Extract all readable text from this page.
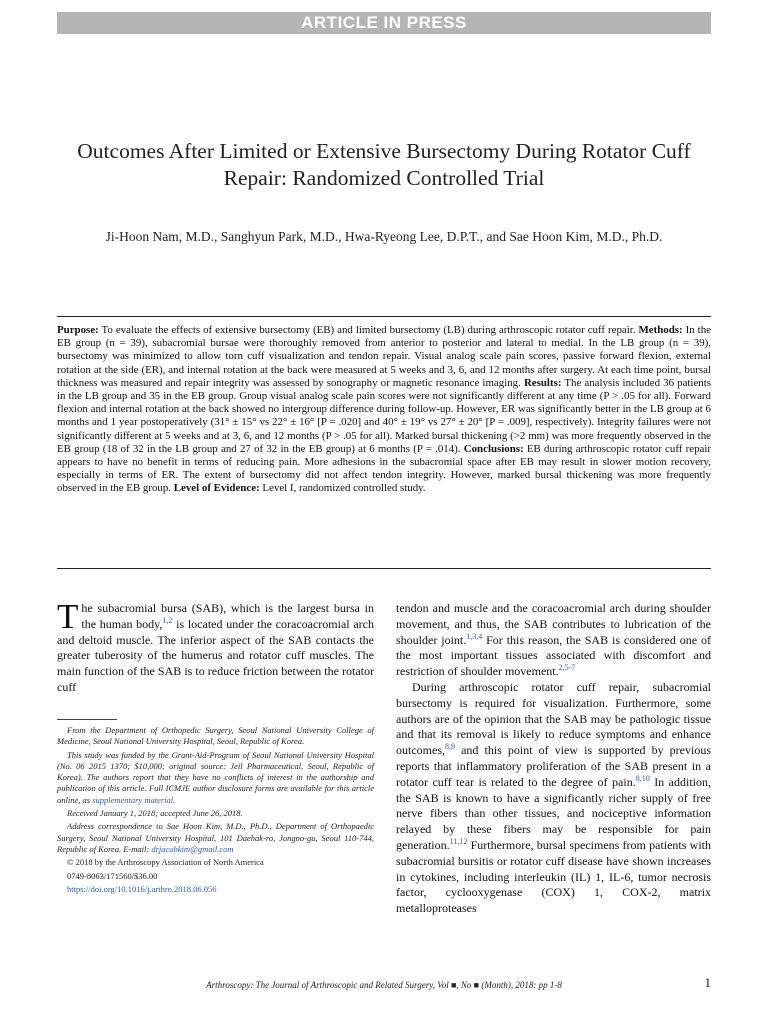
ARTICLE IN PRESS
Outcomes After Limited or Extensive Bursectomy During Rotator Cuff Repair: Randomized Controlled Trial
Ji-Hoon Nam, M.D., Sanghyun Park, M.D., Hwa-Ryeong Lee, D.P.T., and Sae Hoon Kim, M.D., Ph.D.
Purpose: To evaluate the effects of extensive bursectomy (EB) and limited bursectomy (LB) during arthroscopic rotator cuff repair. Methods: In the EB group (n = 39), subacromial bursae were thoroughly removed from anterior to posterior and lateral to medial. In the LB group (n = 39), bursectomy was minimized to allow torn cuff visualization and tendon repair. Visual analog scale pain scores, passive forward flexion, external rotation at the side (ER), and internal rotation at the back were measured at 5 weeks and 3, 6, and 12 months after surgery. At each time point, bursal thickness was measured and repair integrity was assessed by sonography or magnetic resonance imaging. Results: The analysis included 36 patients in the LB group and 35 in the EB group. Group visual analog scale pain scores were not significantly different at any time (P > .05 for all). Forward flexion and internal rotation at the back showed no intergroup difference during follow-up. However, ER was significantly better in the LB group at 6 months and 1 year postoperatively (31° ± 15° vs 22° ± 16° [P = .020] and 40° ± 19° vs 27° ± 20° [P = .009], respectively). Integrity failures were not significantly different at 5 weeks and at 3, 6, and 12 months (P > .05 for all). Marked bursal thickening (>2 mm) was more frequently observed in the EB group (18 of 32 in the LB group and 27 of 32 in the EB group) at 6 months (P = .014). Conclusions: EB during arthroscopic rotator cuff repair appears to have no benefit in terms of reducing pain. More adhesions in the subacromial space after EB may result in slower motion recovery, especially in terms of ER. The extent of bursectomy did not affect tendon integrity. However, marked bursal thickening was more frequently observed in the EB group. Level of Evidence: Level I, randomized controlled study.

The subacromial bursa (SAB), which is the largest bursa in the human body,$^{1,2}$ is located under the coracoacromial arch and deltoid muscle. The inferior aspect of the SAB contacts the greater tuberosity of the humerus and rotator cuff muscles. The main function of the SAB is to reduce friction between the rotator cuff

From the Department of Orthopedic Surgery, Seoul National University College of Medicine, Seoul National University Hospital, Seoul, Republic of Korea.

This study was funded by the Grant-Aid-Program of Seoul National University Hospital (No. 06 2015 1370; $10,000; original source: Jeil Pharmaceutical, Seoul, Republic of Korea). The authors report that they have no conflicts of interest in the authorship and publication of this article. Full ICMJE author disclosure forms are available for this article online, as supplementary material.

Received January 1, 2018; accepted June 26, 2018.

Address correspondence to Sae Hoon Kim, M.D., Ph.D., Department of Orthopaedic Surgery, Seoul National University Hospital, 101 Daehak-ro, Jongno-gu, Seoul 110-744, Republic of Korea. E-mail: drjacobkim@gmail.com

© 2018 by the Arthroscopy Association of North America

0749-8063/171560/$36.00

https://doi.org/10.1016/j.arthro.2018.06.056

tendon and muscle and the coracoacromial arch during shoulder movement, and thus, the SAB contributes to lubrication of the shoulder joint.$^{1,3,4}$ For this reason, the SAB is considered one of the most important tissues associated with discomfort and restriction of shoulder movement.$^{2,5-7}$

During arthroscopic rotator cuff repair, subacromial bursectomy is required for visualization. Furthermore, some authors are of the opinion that the SAB may be pathologic tissue and that its removal is likely to reduce symptoms and enhance outcomes,$^{8,9}$ and this point of view is supported by previous reports that inflammatory proliferation of the SAB present in a rotator cuff tear is related to the degree of pain.$^{8,10}$ In addition, the SAB is known to have a significantly richer supply of free nerve fibers than other tissues, and nociceptive information relayed by these fibers may be responsible for pain generation.$^{11,12}$ Furthermore, bursal specimens from patients with subacromial bursitis or rotator cuff disease have shown increases in cytokines, including interleukin (IL) 1, IL-6, tumor necrosis factor, cyclooxygenase (COX) 1, COX-2, matrix metalloproteases

Arthroscopy: The Journal of Arthroscopic and Related Surgery, Vol ■, No ■ (Month), 2018: pp 1-8	1
